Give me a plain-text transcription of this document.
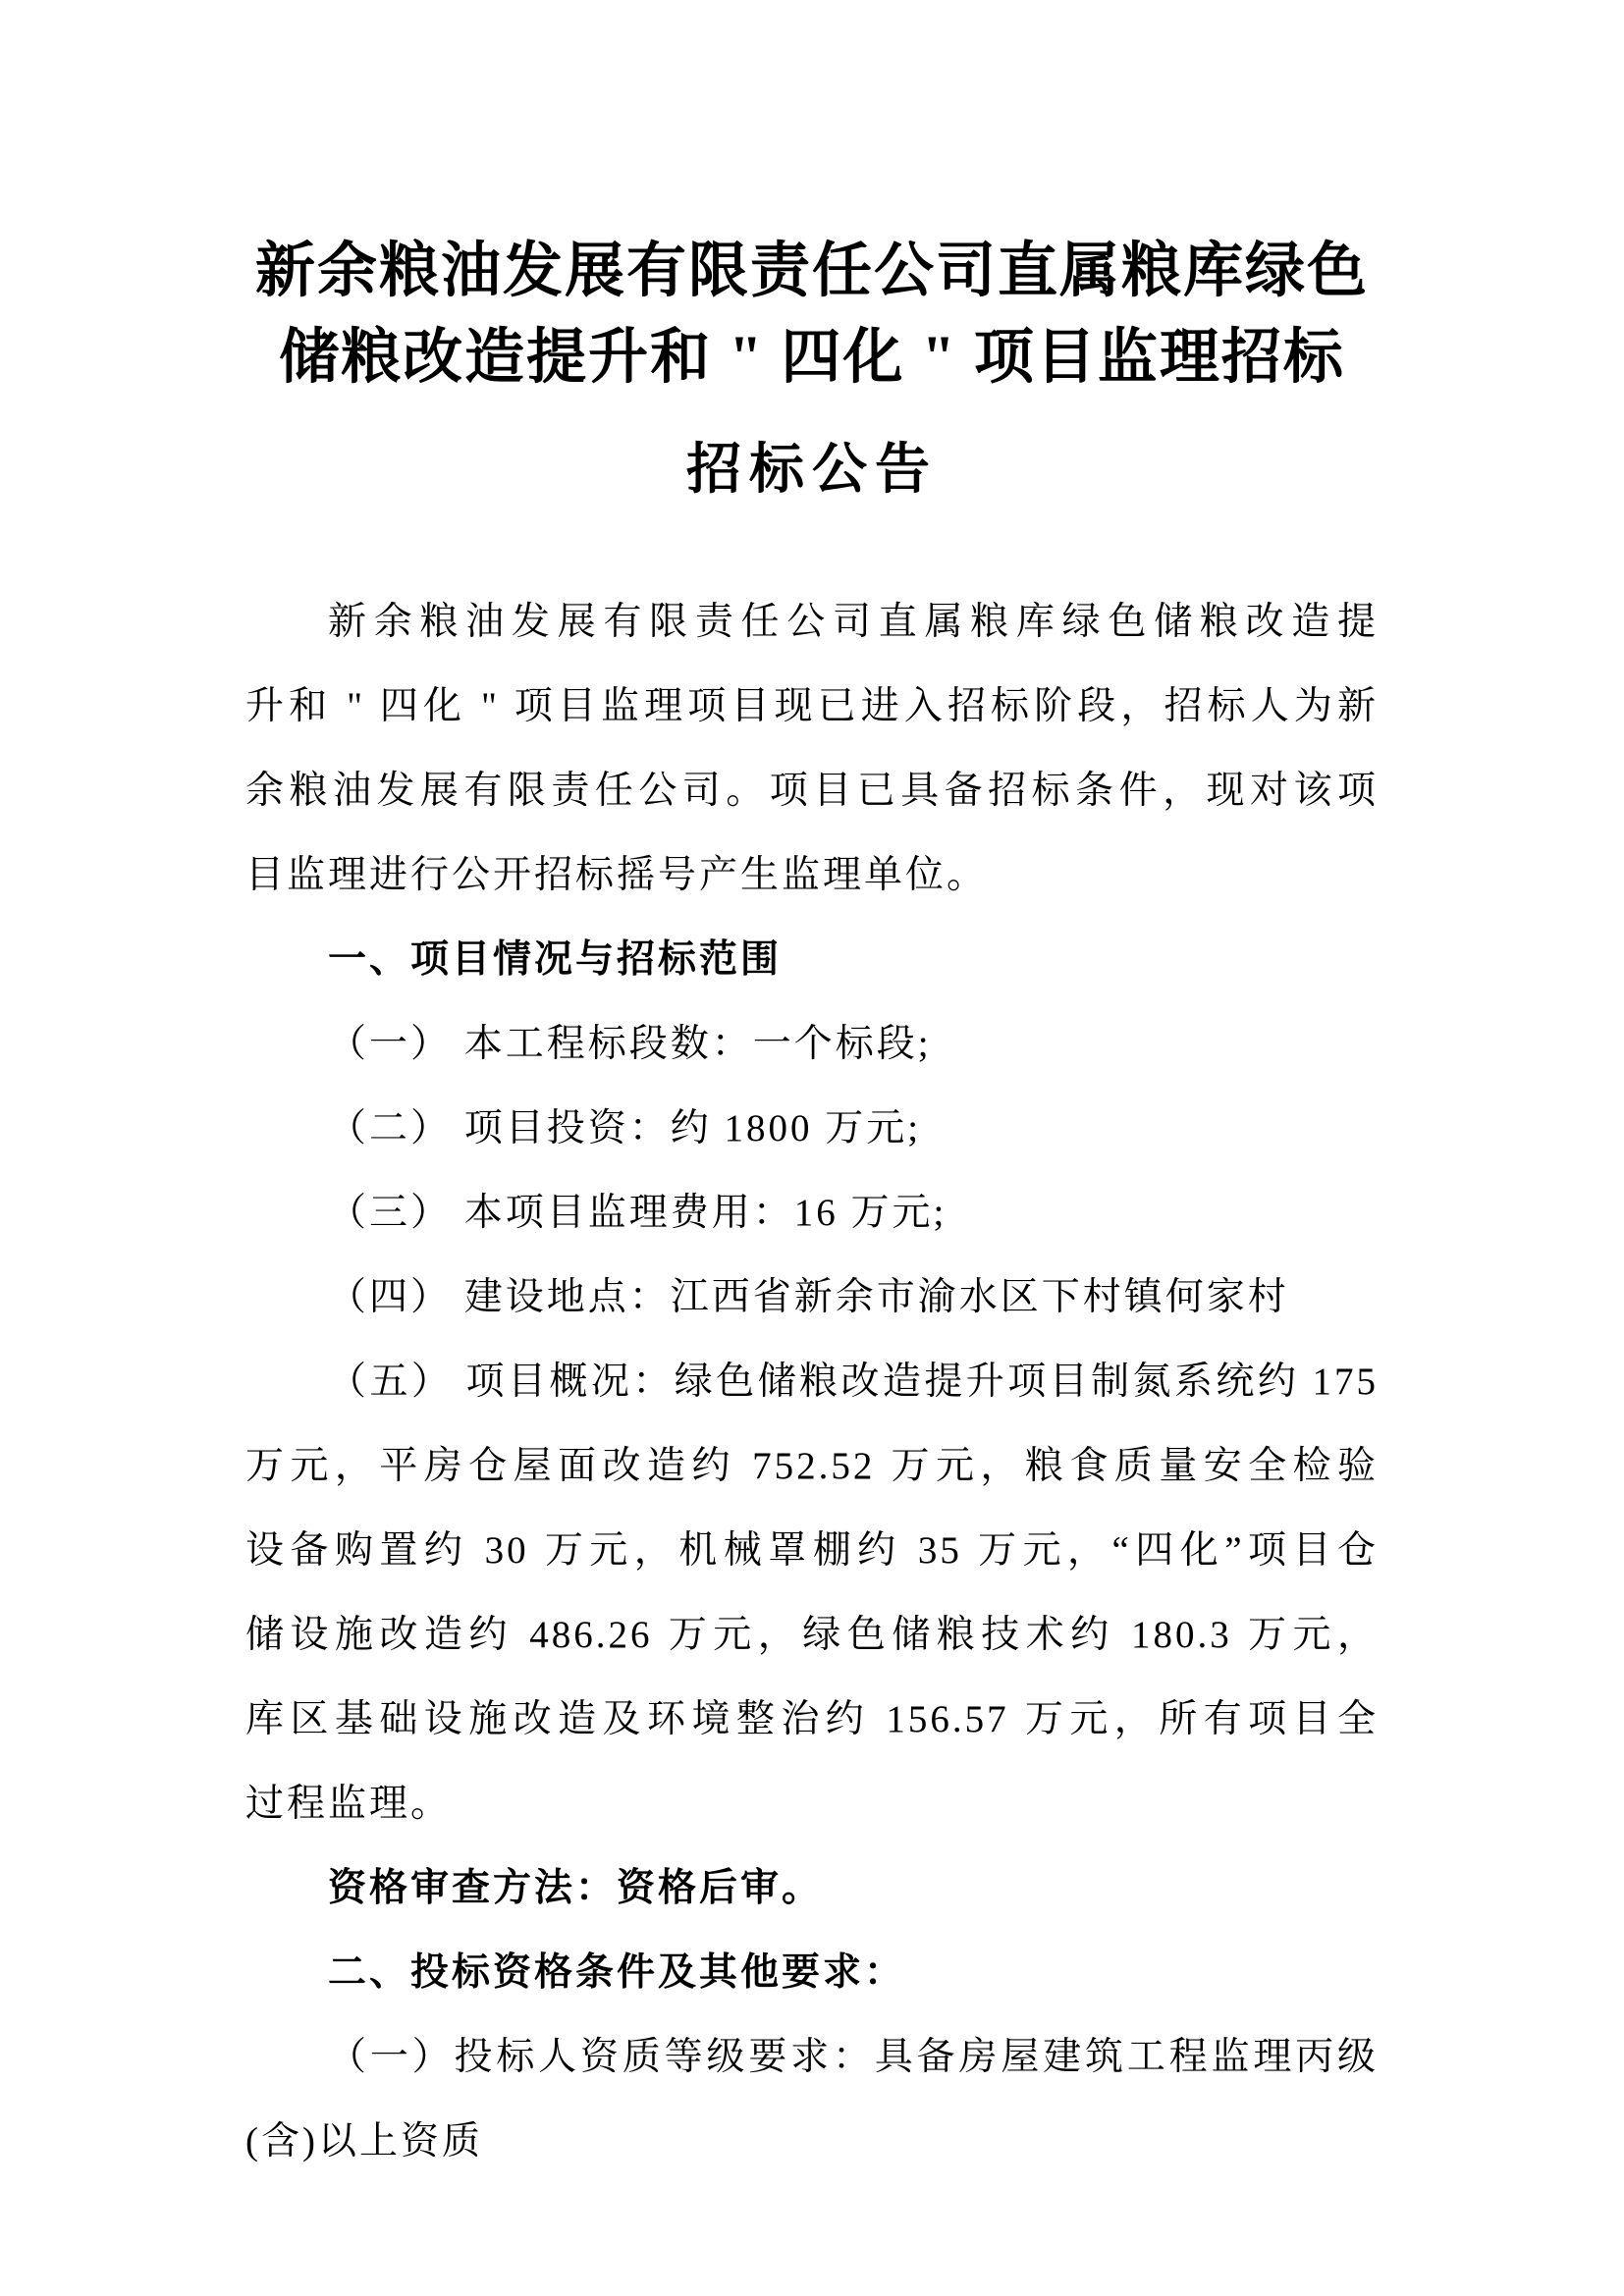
新余粮油发展有限责任公司直属粮库绿色
储粮改造提升和 " 四化 " 项目监理招标
招标公告

新余粮油发展有限责任公司直属粮库绿色储粮改造提

升和 " 四化 " 项目监理项目现已进入招标阶段，招标人为新

余粮油发展有限责任公司。项目已具备招标条件，现对该项

目监理进行公开招标摇号产生监理单位。

一、项目情况与招标范围

（一） 本工程标段数：一个标段;

（二） 项目投资：约 1800 万元;

（三） 本项目监理费用：16 万元;

（四） 建设地点：江西省新余市渝水区下村镇何家村

（五） 项目概况：绿色储粮改造提升项目制氮系统约 175

万元，平房仓屋面改造约 752.52 万元，粮食质量安全检验

设备购置约 30 万元，机械罩棚约 35 万元，“四化”项目仓

储设施改造约 486.26 万元，绿色储粮技术约 180.3 万元，

库区基础设施改造及环境整治约 156.57 万元，所有项目全

过程监理。

资格审查方法：资格后审。

二、投标资格条件及其他要求：

（一）投标人资质等级要求：具备房屋建筑工程监理丙级

(含)以上资质
